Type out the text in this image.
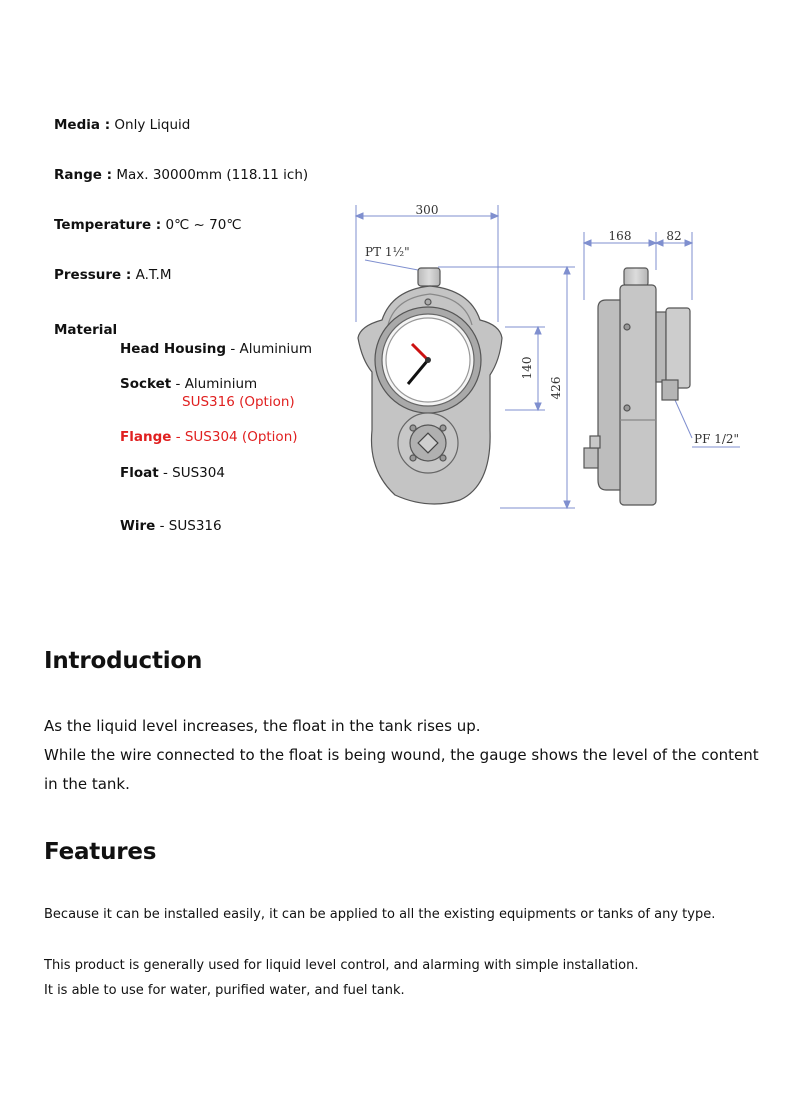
Media : Only Liquid
Range : Max. 30000mm (118.11 ich)
Temperature : 0℃ ~ 70℃
Pressure : A.T.M
Material
Head Housing - Aluminium
Socket - Aluminium
SUS316 (Option)
Flange - SUS304 (Option)
Float - SUS304
Wire - SUS316
300
PT 1½"
140
426
168	82
PF 1/2"
Introduction
As the liquid level increases, the float in the tank rises up.
While the wire connected to the float is being wound, the gauge shows the level of the content in the tank.
Features
Because it can be installed easily, it can be applied to all the existing equipments or tanks of any type.
This product is generally used for liquid level control, and alarming with simple installation.
It is able to use for water, purified water, and fuel tank.
